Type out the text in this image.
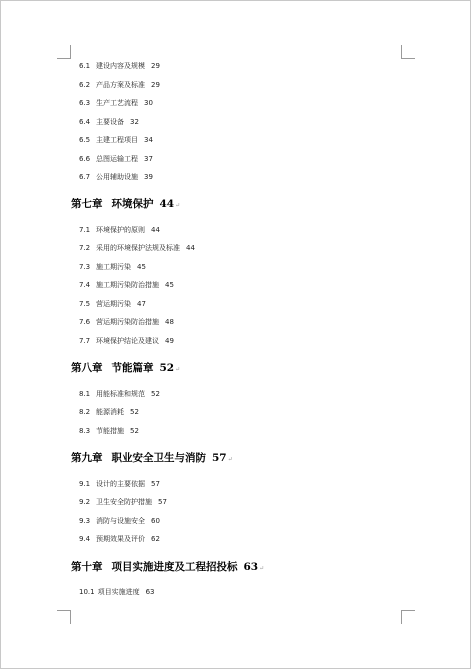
6.1 建设内容及规模 29
6.2 产品方案及标准 29
6.3 生产工艺流程 30
6.4 主要设备 32
6.5 主建工程项目 34
6.6 总图运输工程 37
6.7 公用辅助设施 39
第七章 环境保护 44↵
7.1 环境保护的原则 44
7.2 采用的环境保护法规及标准 44
7.3 施工期污染 45
7.4 施工期污染防治措施 45
7.5 营运期污染 47
7.6 营运期污染防治措施 48
7.7 环境保护结论及建议 49
第八章 节能篇章 52↵
8.1 用能标准和规范 52
8.2 能源消耗 52
8.3 节能措施 52
第九章 职业安全卫生与消防 57↵
9.1 设计的主要依据 57
9.2 卫生安全防护措施 57
9.3 消防与设施安全 60
9.4 预期效果及评价 62
第十章 项目实施进度及工程招投标 63↵
10.1 项目实施进度 63
